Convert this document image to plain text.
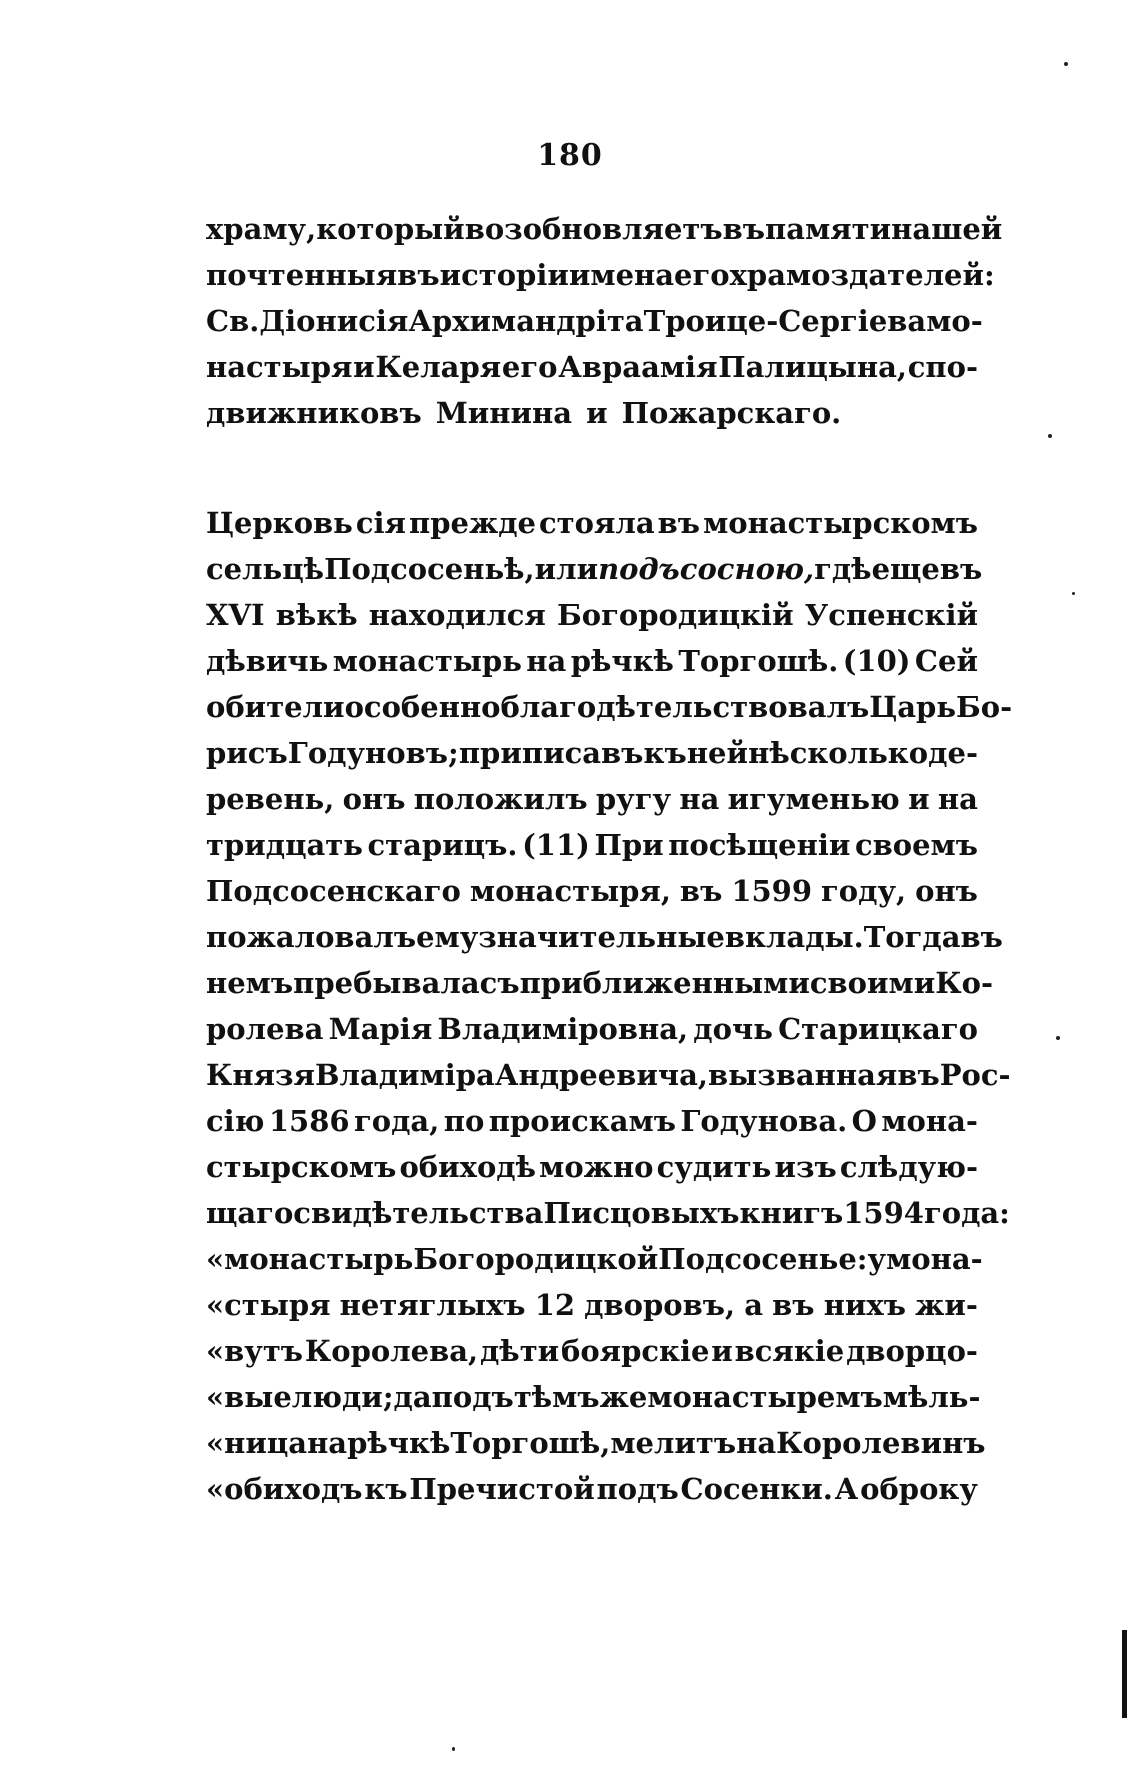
180
храму, который возобновляетъ въ памяти нашей
почтенныя въ исторіи имена его храмоздателей:
Св. Діонисія Архимандріта Троице-Сергіева мо-
настыря и Келаря его Авраамія Палицына, спо-
движниковъ Минина и Пожарскаго.
Церковь сія прежде стояла въ монастырскомъ
сельцѣ Подсосеньѣ, или подъ сосною, гдѣ еще въ
XVI вѣкѣ находился Богородицкій Успенскій
дѣвичь монастырь на рѣчкѣ Торгошѣ. (10) Сей
обители особенно благодѣтельствовалъ Царь Бо-
рисъ Годуновъ; приписавъ къ ней нѣсколько де-
ревень, онъ положилъ ругу на игуменью и на
тридцать старицъ. (11) При посѣщеніи своемъ
Подсосенскаго монастыря, въ 1599 году, онъ
пожаловалъ ему значительные вклады. Тогда въ
немъ пребывала съ приближенными своими Ко-
ролева Марія Владиміровна, дочь Старицкаго
Князя Владиміра Андреевича, вызванная въ Рос-
сію 1586 года, по проискамъ Годунова. О мона-
стырскомъ обиходѣ можно судить изъ слѣдую-
щаго свидѣтельства Писцовыхъ книгъ 1594 года:
«монастырь Богородицкой Подсосенье: у мона-
«стыря нетяглыхъ 12 дворовъ, а въ нихъ жи-
«вутъ Королева, дѣти боярскіе и всякіе дворцо-
«вые люди; да подъ тѣмъ же монастыремъ мѣль-
«ница на рѣчкѣ Торгошѣ, мелитъ на Королевинъ
«обиходъ къ Пречистой подъ Сосенки. А оброку
